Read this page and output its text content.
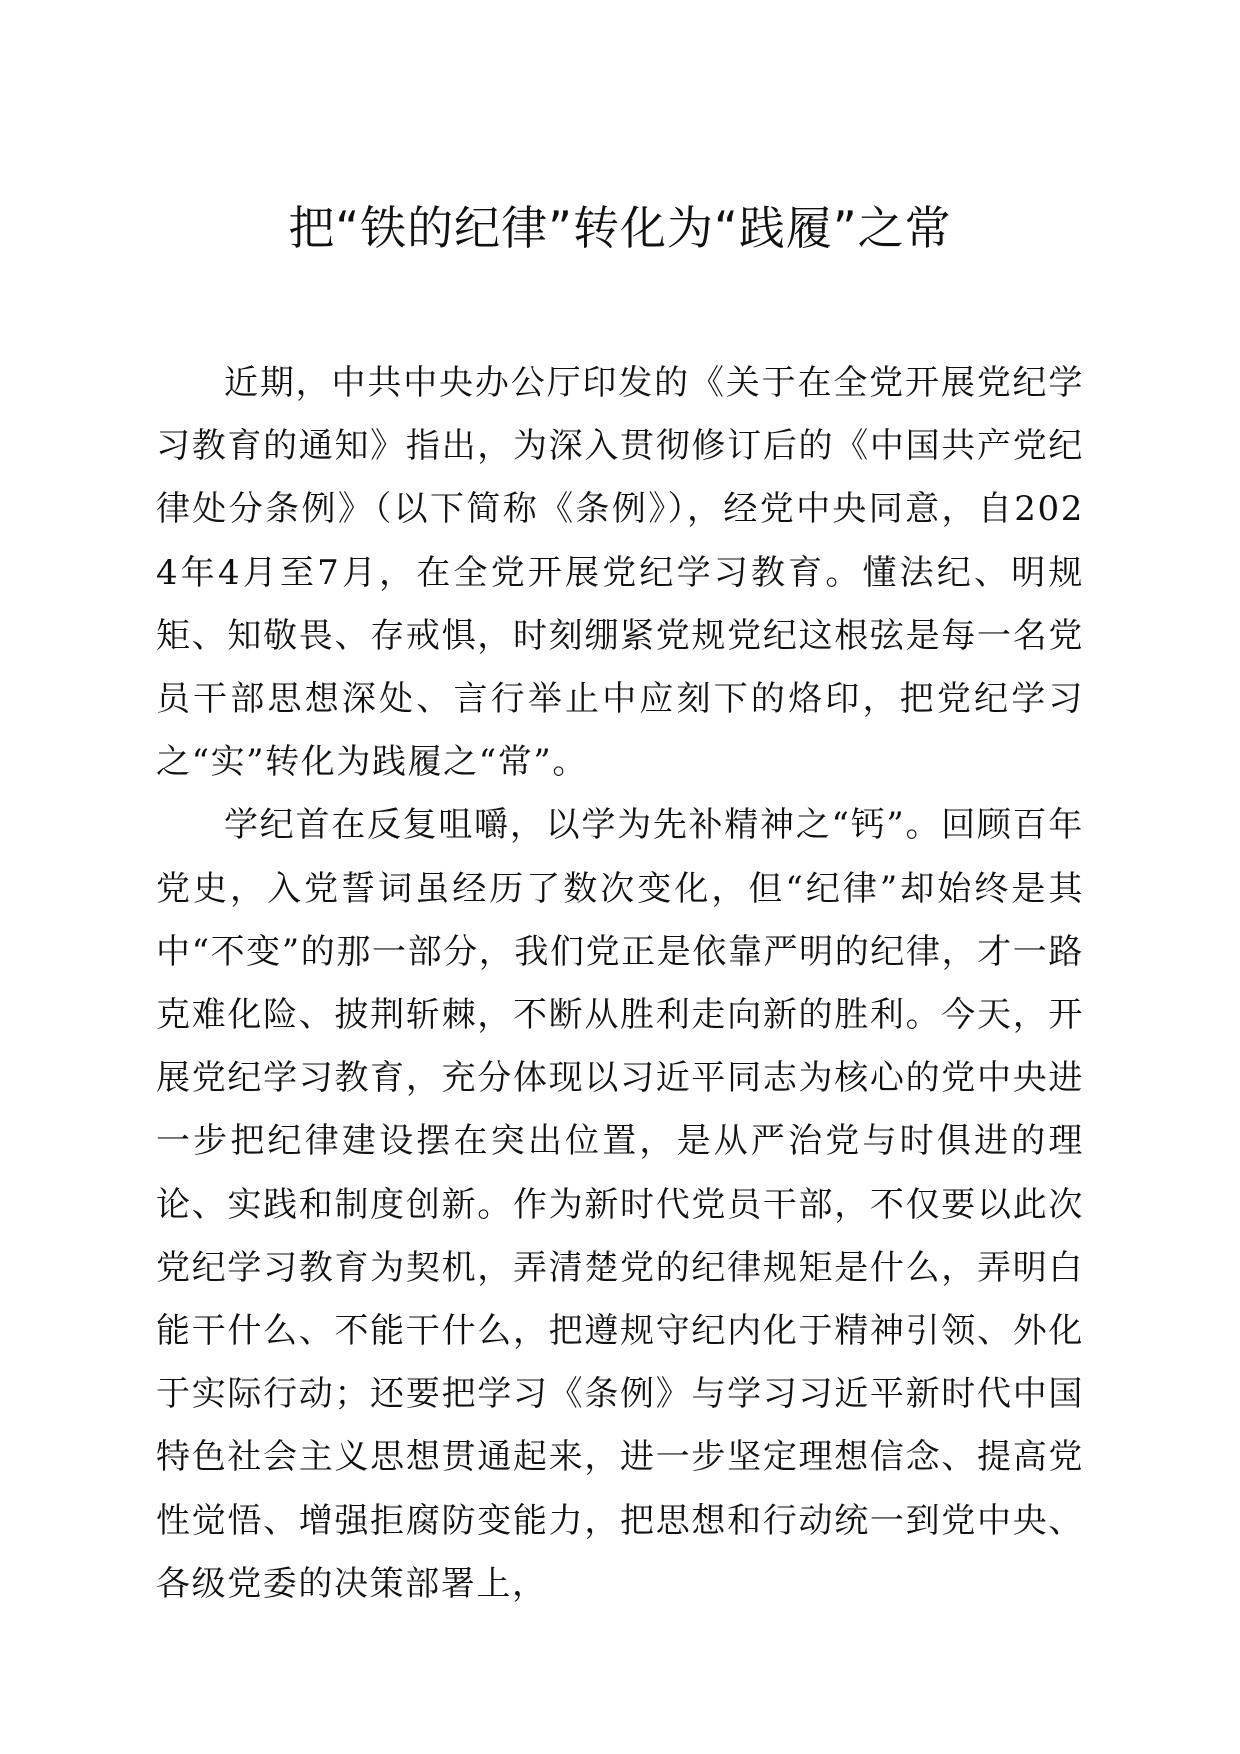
把“铁的纪律”转化为“践履”之常

近期，中共中央办公厅印发的《关于在全党开展党纪学习教育的通知》指出，为深入贯彻修订后的《中国共产党纪律处分条例》（以下简称《条例》），经党中央同意，自2024年4月至7月，在全党开展党纪学习教育。懂法纪、明规矩、知敬畏、存戒惧，时刻绷紧党规党纪这根弦是每一名党员干部思想深处、言行举止中应刻下的烙印，把党纪学习之“实”转化为践履之“常”。

学纪首在反复咀嚼，以学为先补精神之“钙”。回顾百年党史，入党誓词虽经历了数次变化，但“纪律”却始终是其中“不变”的那一部分，我们党正是依靠严明的纪律，才一路克难化险、披荆斩棘，不断从胜利走向新的胜利。今天，开展党纪学习教育，充分体现以习近平同志为核心的党中央进一步把纪律建设摆在突出位置，是从严治党与时俱进的理论、实践和制度创新。作为新时代党员干部，不仅要以此次党纪学习教育为契机，弄清楚党的纪律规矩是什么，弄明白能干什么、不能干什么，把遵规守纪内化于精神引领、外化于实际行动；还要把学习《条例》与学习习近平新时代中国特色社会主义思想贯通起来，进一步坚定理想信念、提高党性觉悟、增强拒腐防变能力，把思想和行动统一到党中央、各级党委的决策部署上，
